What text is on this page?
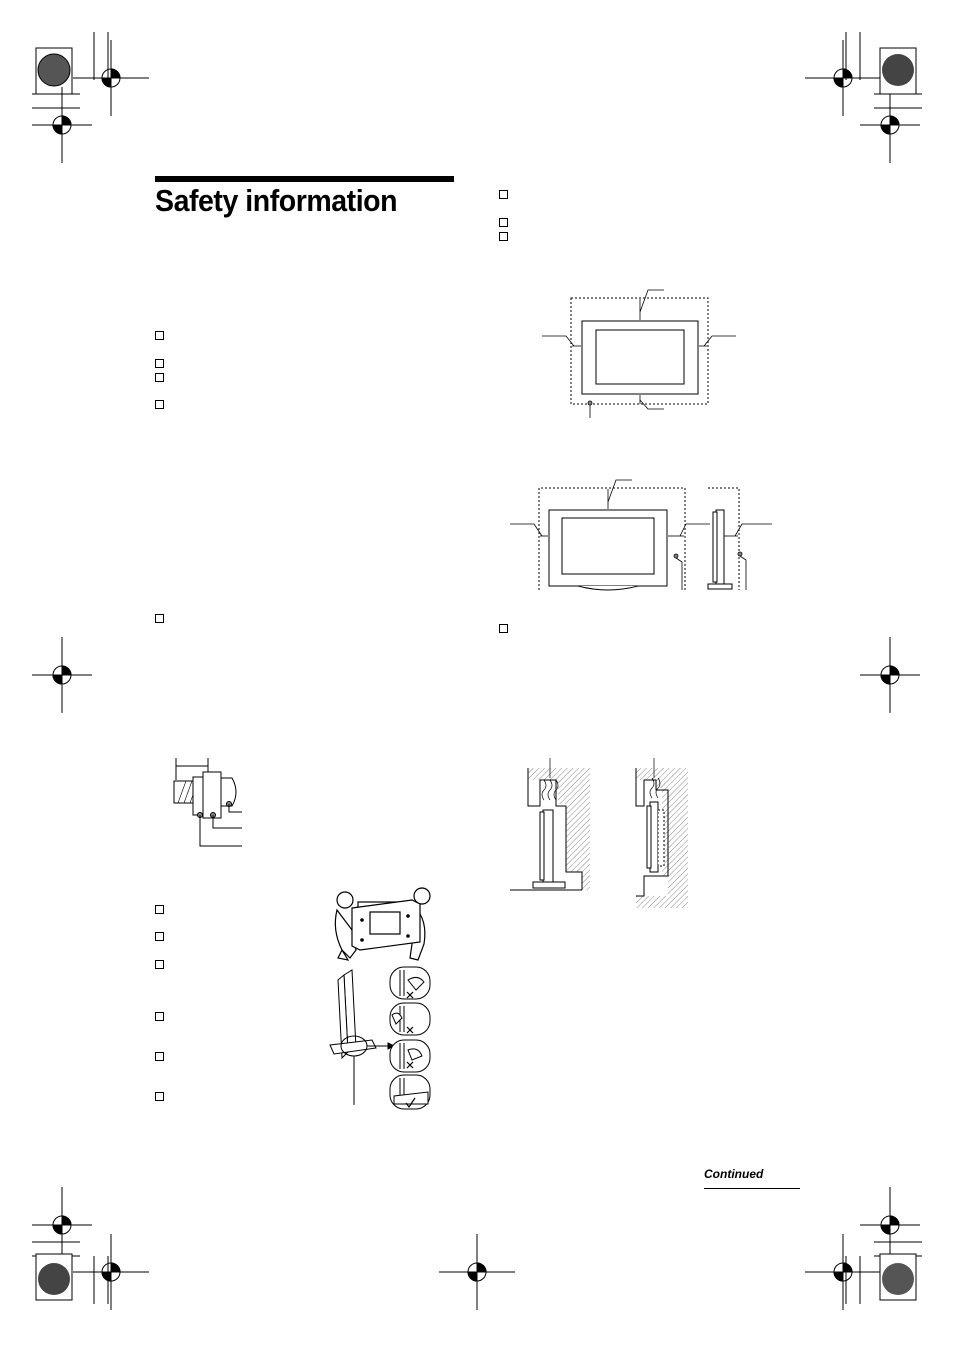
Safety information
Continued
